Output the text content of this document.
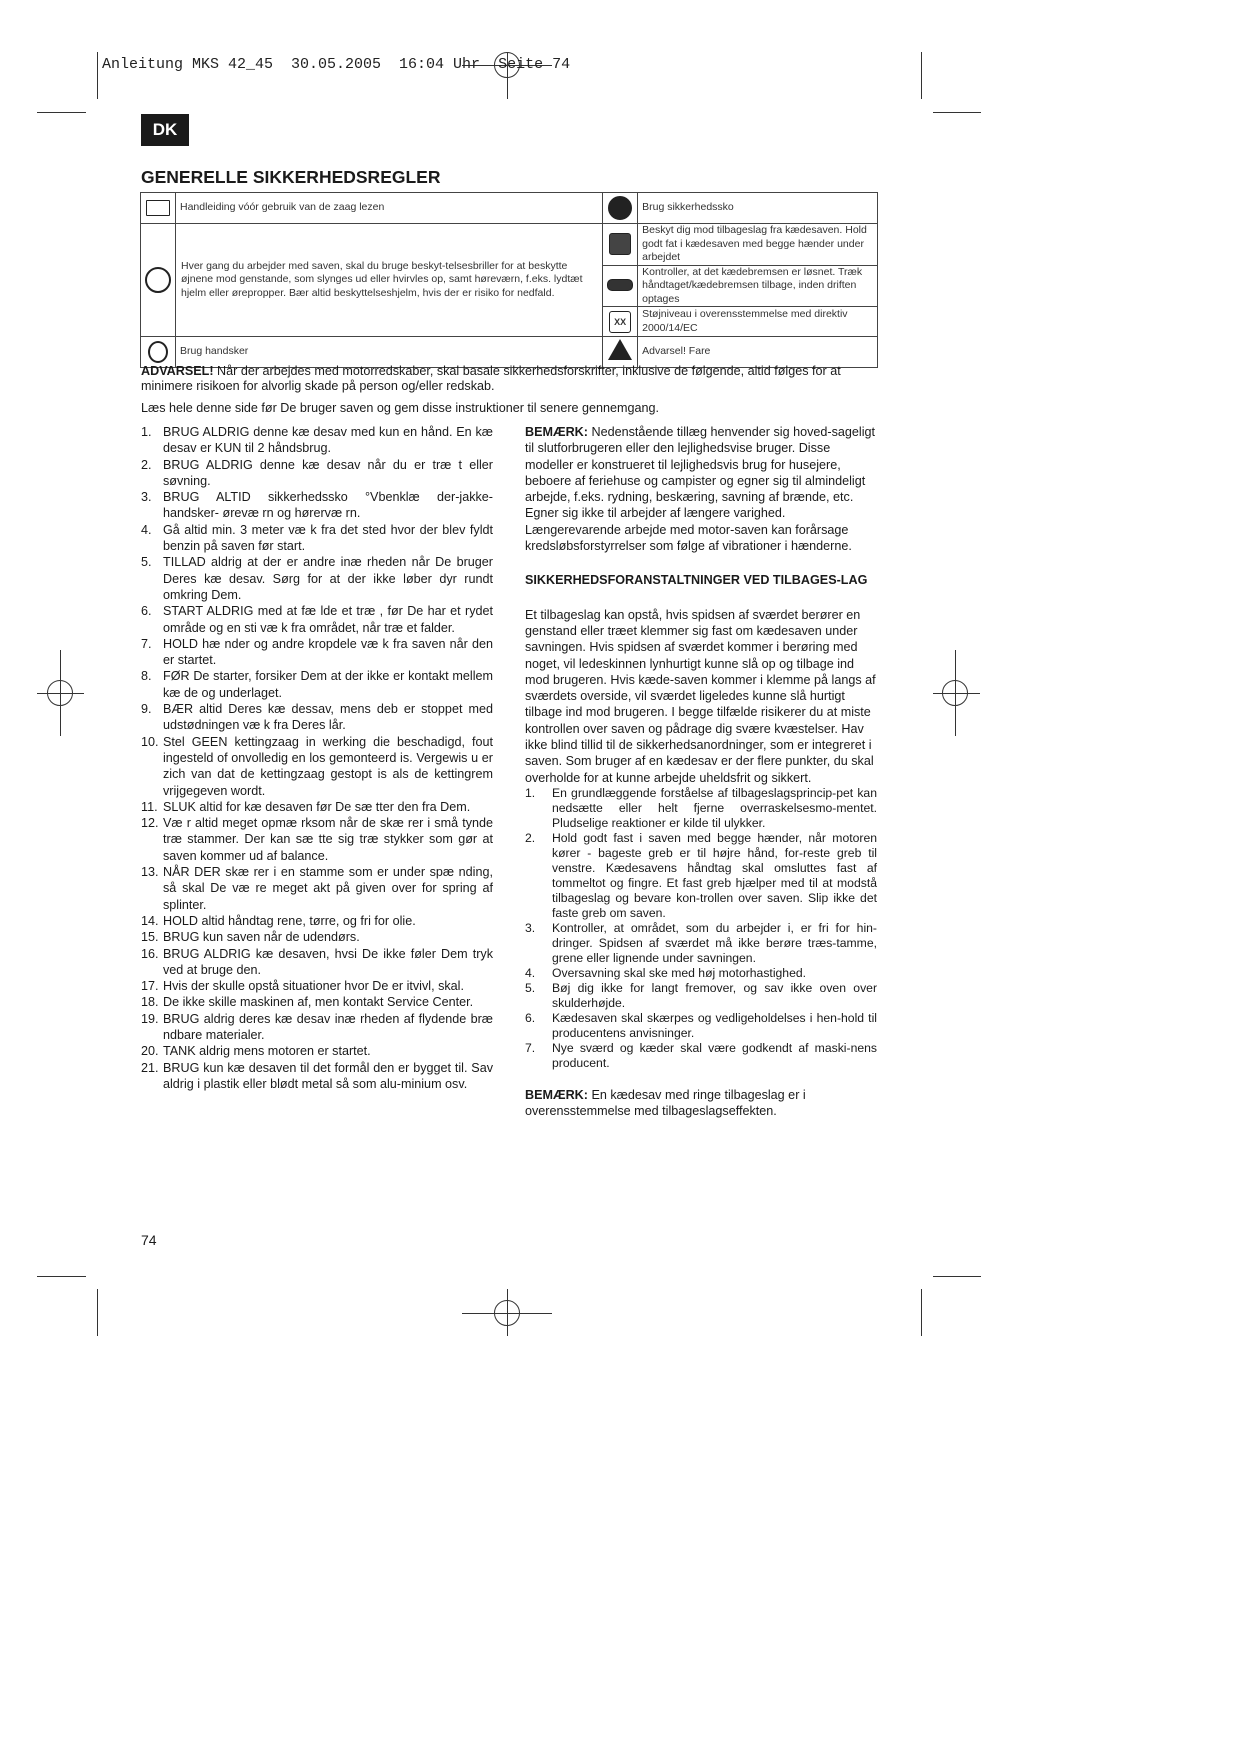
Anleitung MKS 42_45  30.05.2005  16:04 Uhr  Seite 74
DK
GENERELLE SIKKERHEDSREGLER
	Handleiding vóór gebruik van de zaag lezen		Brug sikkerhedssko
	Hver gang du arbejder med saven, skal du bruge beskyt-telsesbriller for at beskytte øjnene mod genstande, som slynges ud eller hvirvles op, samt høreværn, f.eks. lydtæt hjelm eller ørepropper. Bær altid beskyttelseshjelm, hvis der er risiko for nedfald.		Beskyt dig mod tilbageslag fra kædesaven. Hold godt fat i kædesaven med begge hænder under arbejdet
			Kontroller, at det kædebremsen er løsnet. Træk håndtaget/kædebremsen tilbage, inden driften optages
		XX	Støjniveau i overensstemmelse med direktiv 2000/14/EC
	Brug handsker		Advarsel! Fare
ADVARSEL! Når der arbejdes med motorredskaber, skal basale sikkerhedsforskrifter, inklusive de følgende, altid følges for at minimere risikoen for alvorlig skade på person og/eller redskab.
Læs hele denne side før De bruger saven og gem disse instruktioner til senere gennemgang.
1. BRUG ALDRIG denne kæ desav med kun en hånd. En kæ desav er KUN til 2 håndsbrug.
2. BRUG ALDRIG denne kæ desav når du er træ t eller søvning.
3. BRUG ALTID sikkerhedssko °Vbenklæ der-jakke-handsker- ørevæ rn og hørervæ rn.
4. Gå altid min. 3 meter væ k fra det sted hvor der blev fyldt benzin på saven før start.
5. TILLAD aldrig at der er andre inæ rheden når De bruger Deres kæ desav. Sørg for at der ikke løber dyr rundt omkring Dem.
6. START ALDRIG med at fæ lde et træ , før De har et rydet område og en sti væ k fra området, når træ et falder.
7. HOLD hæ nder og andre kropdele væ k fra saven når den er startet.
8. FØR De starter, forsiker Dem at der ikke er kontakt mellem kæ de og underlaget.
9. BÆR altid Deres kæ dessav, mens deb er stoppet med udstødningen væ k fra Deres lår.
10. Stel GEEN kettingzaag in werking die beschadigd, fout ingesteld of onvolledig en los gemonteerd is. Vergewis u er zich van dat de kettingzaag gestopt is als de kettingrem vrijgegeven wordt.
11. SLUK altid for kæ desaven før De sæ tter den fra Dem.
12. Væ r altid meget opmæ rksom når de skæ rer i små tynde træ stammer. Der kan sæ tte sig træ stykker som gør at saven kommer ud af balance.
13. NÅR DER skæ rer i en stamme som er under spæ nding, så skal De væ re meget akt på given over for spring af splinter.
14. HOLD altid håndtag rene, tørre, og fri for olie.
15. BRUG kun saven når de udendørs.
16. BRUG ALDRIG kæ desaven, hvsi De ikke føler Dem tryk ved at bruge den.
17. Hvis der skulle opstå situationer hvor De er itvivl, skal.
18. De ikke skille maskinen af, men kontakt Service Center.
19. BRUG aldrig deres kæ desav inæ rheden af flydende bræ ndbare materialer.
20. TANK aldrig mens motoren er startet.
21. BRUG kun kæ desaven til det formål den er bygget til. Sav aldrig i plastik eller blødt metal så som alu-minium osv.
BEMÆRK: Nedenstående tillæg henvender sig hoved-sageligt til slutforbrugeren eller den lejlighedsvise bruger. Disse modeller er konstrueret til lejlighedsvis brug for husejere, beboere af feriehuse og campister og egner sig til almindeligt arbejde, f.eks. rydning, beskæring, savning af brænde, etc. Egner sig ikke til arbejder af længere varighed. Længerevarende arbejde med motor-saven kan forårsage kredsløbsforstyrrelser som følge af vibrationer i hænderne.
SIKKERHEDSFORANSTALTNINGER VED TILBAGES-LAG
Et tilbageslag kan opstå, hvis spidsen af sværdet berører en genstand eller træet klemmer sig fast om kædesaven under savningen. Hvis spidsen af sværdet kommer i berøring med noget, vil ledeskinnen lynhurtigt kunne slå op og tilbage ind mod brugeren. Hvis kæde-saven kommer i klemme på langs af sværdets overside, vil sværdet ligeledes kunne slå hurtigt tilbage ind mod brugeren. I begge tilfælde risikerer du at miste kontrollen over saven og pådrage dig svære kvæstelser. Hav ikke blind tillid til de sikkerhedsanordninger, som er integreret i saven. Som bruger af en kædesav er der flere punkter, du skal overholde for at kunne arbejde uheldsfrit og sikkert.
1.	En grundlæggende forståelse af tilbageslagsprincip-pet kan nedsætte eller helt fjerne overraskelsesmo-mentet. Pludselige reaktioner er kilde til ulykker.
2.	Hold godt fast i saven med begge hænder, når motoren kører - bageste greb er til højre hånd, for-reste greb til venstre. Kædesavens håndtag skal omsluttes fast af tommeltot og fingre. Et fast greb hjælper med til at modstå tilbageslag og bevare kon-trollen over saven. Slip ikke det faste greb om saven.
3.	Kontroller, at området, som du arbejder i, er fri for hin-dringer. Spidsen af sværdet må ikke berøre træs-tamme, grene eller lignende under savningen.
4.	Oversavning skal ske med høj motorhastighed.
5.	Bøj dig ikke for langt fremover, og sav ikke oven over skulderhøjde.
6.	Kædesaven skal skærpes og vedligeholdelses i hen-hold til producentens anvisninger.
7.	Nye sværd og kæder skal være godkendt af maski-nens producent.
BEMÆRK: En kædesav med ringe tilbageslag er i overensstemmelse med tilbageslagseffekten.
74
